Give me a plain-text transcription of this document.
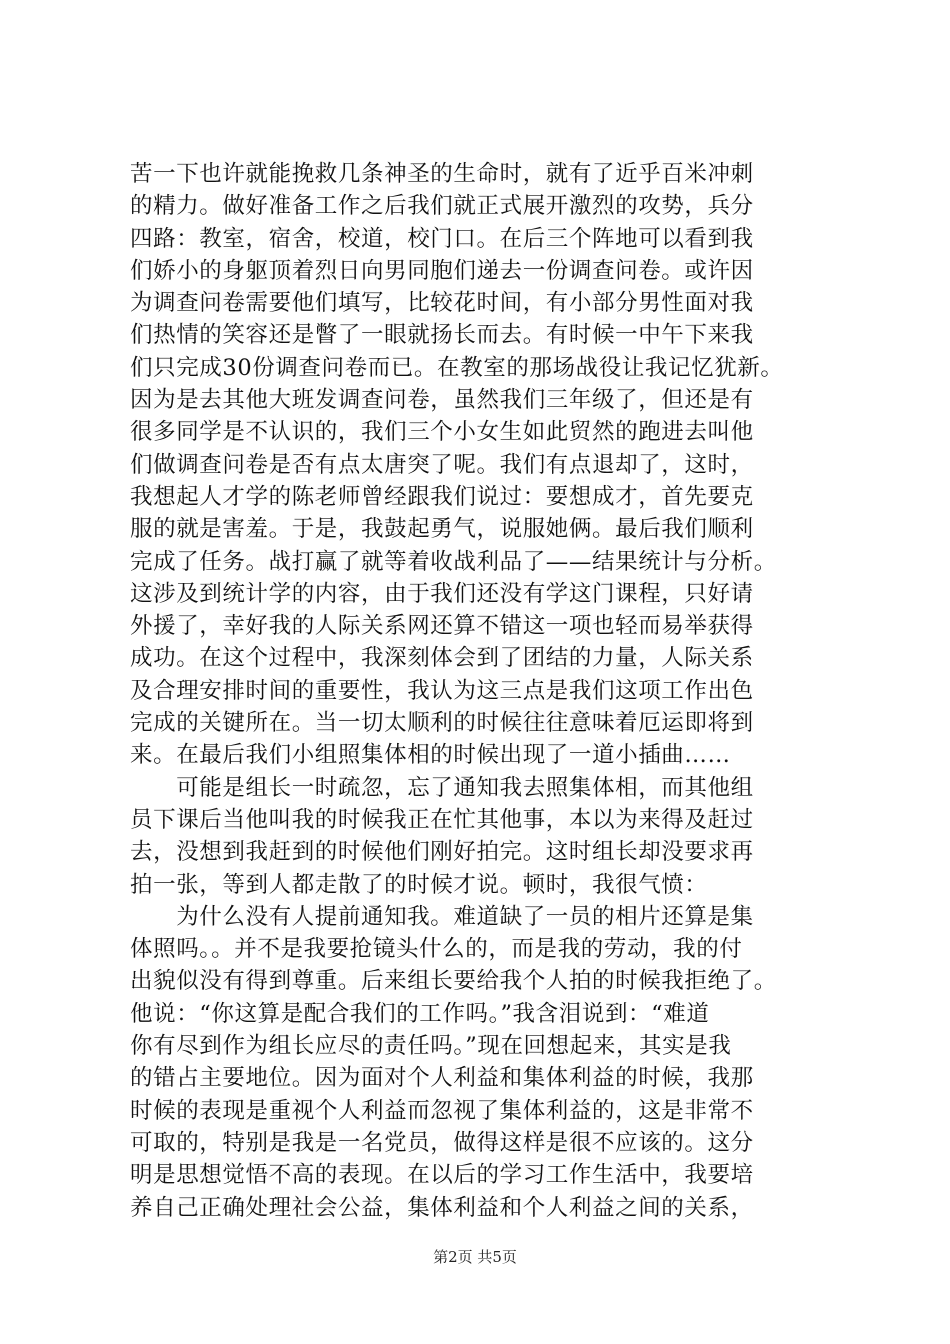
苦一下也许就能挽救几条神圣的生命时，就有了近乎百米冲刺
的精力。做好准备工作之后我们就正式展开激烈的攻势，兵分
四路：教室，宿舍，校道，校门口。在后三个阵地可以看到我
们娇小的身躯顶着烈日向男同胞们递去一份调查问卷。或许因
为调查问卷需要他们填写，比较花时间，有小部分男性面对我
们热情的笑容还是瞥了一眼就扬长而去。有时候一中午下来我
们只完成30份调查问卷而已。在教室的那场战役让我记忆犹新。
因为是去其他大班发调查问卷，虽然我们三年级了，但还是有
很多同学是不认识的，我们三个小女生如此贸然的跑进去叫他
们做调查问卷是否有点太唐突了呢。我们有点退却了，这时，
我想起人才学的陈老师曾经跟我们说过：要想成才，首先要克
服的就是害羞。于是，我鼓起勇气，说服她俩。最后我们顺利
完成了任务。战打赢了就等着收战利品了——结果统计与分析。
这涉及到统计学的内容，由于我们还没有学这门课程，只好请
外援了，幸好我的人际关系网还算不错这一项也轻而易举获得
成功。在这个过程中，我深刻体会到了团结的力量，人际关系
及合理安排时间的重要性，我认为这三点是我们这项工作出色
完成的关键所在。当一切太顺利的时候往往意味着厄运即将到
来。在最后我们小组照集体相的时候出现了一道小插曲……
　　可能是组长一时疏忽，忘了通知我去照集体相，而其他组
员下课后当他叫我的时候我正在忙其他事，本以为来得及赶过
去，没想到我赶到的时候他们刚好拍完。这时组长却没要求再
拍一张，等到人都走散了的时候才说。顿时，我很气愤：
　　为什么没有人提前通知我。难道缺了一员的相片还算是集
体照吗。。并不是我要抢镜头什么的，而是我的劳动，我的付
出貌似没有得到尊重。后来组长要给我个人拍的时候我拒绝了。
他说：“你这算是配合我们的工作吗。”我含泪说到：“难道
你有尽到作为组长应尽的责任吗。”现在回想起来，其实是我
的错占主要地位。因为面对个人利益和集体利益的时候，我那
时候的表现是重视个人利益而忽视了集体利益的，这是非常不
可取的，特别是我是一名党员，做得这样是很不应该的。这分
明是思想觉悟不高的表现。在以后的学习工作生活中，我要培
养自己正确处理社会公益，集体利益和个人利益之间的关系，
第2页 共5页
